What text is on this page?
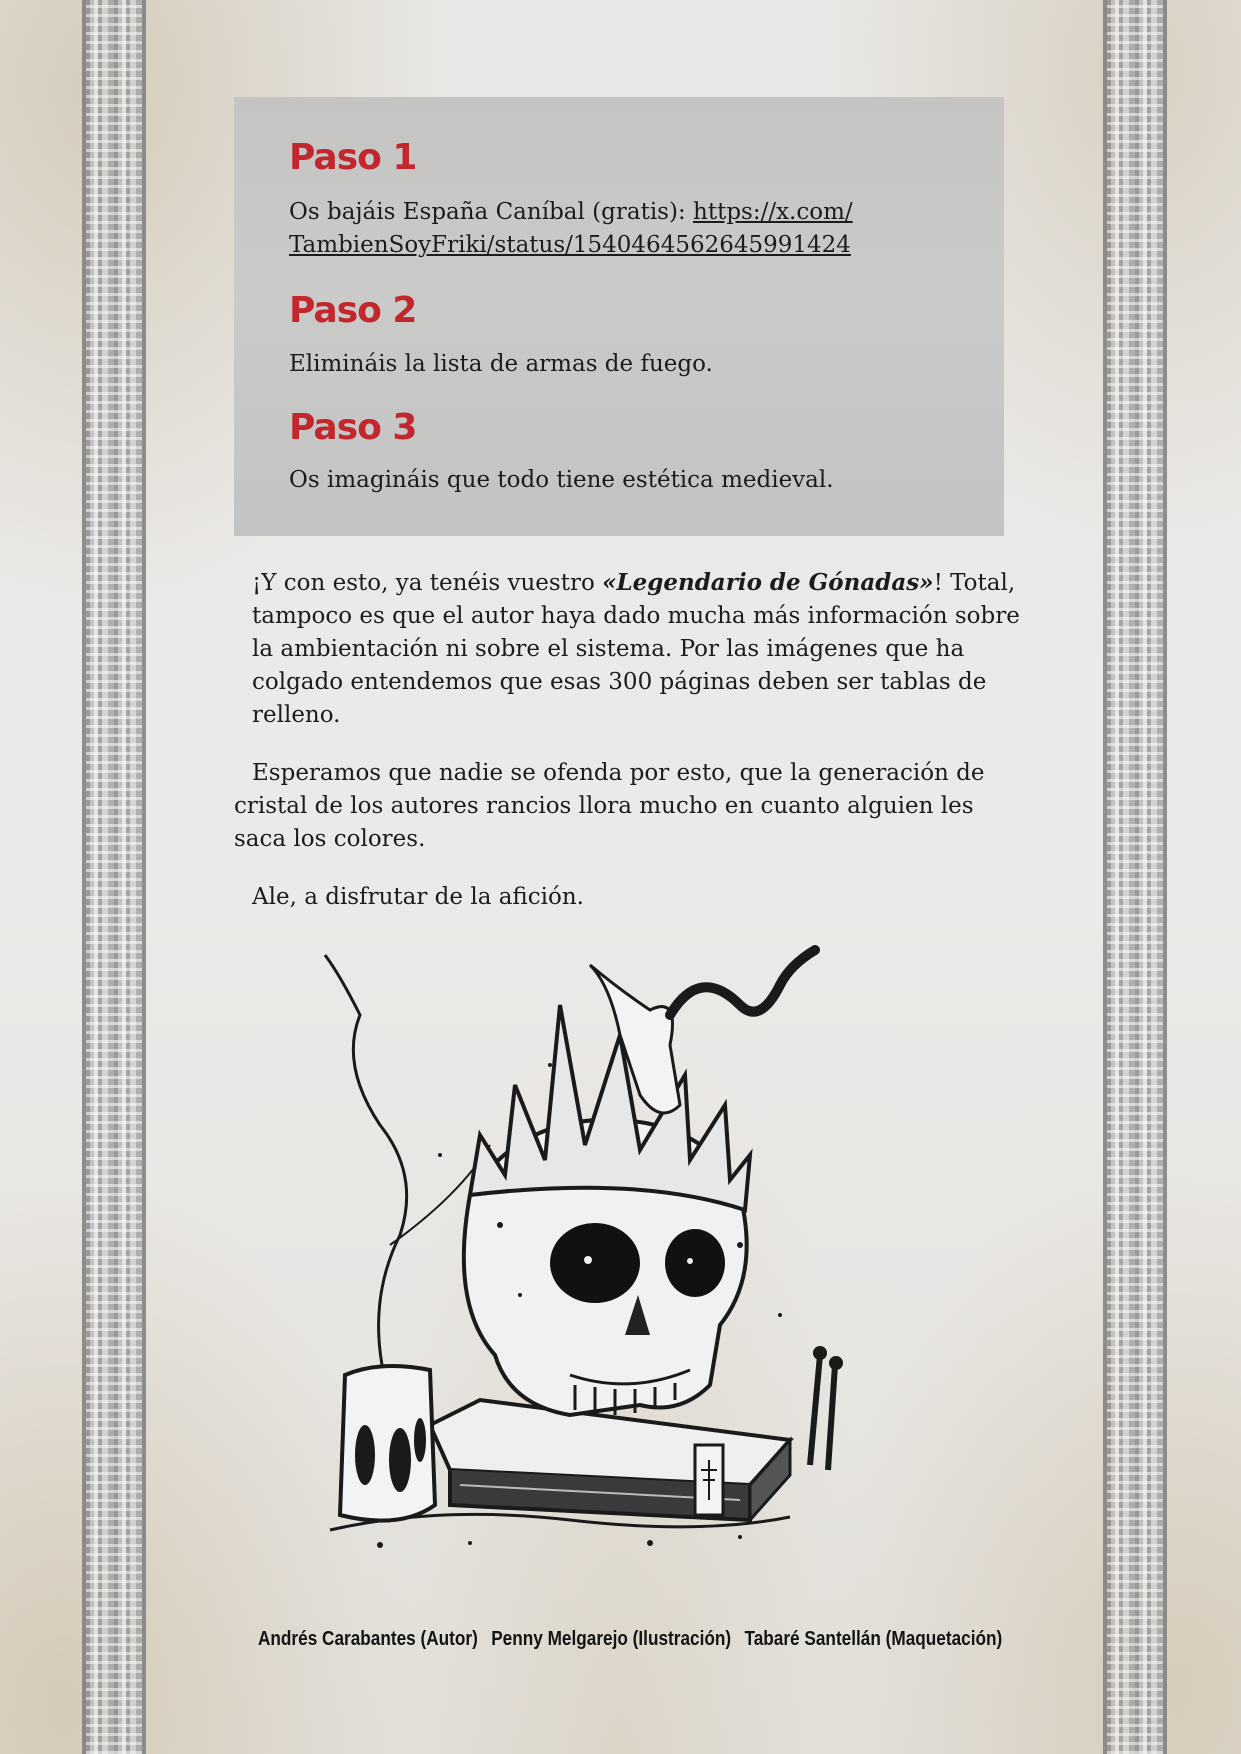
Paso 1

Os bajáis España Caníbal (gratis): https://x.com/
TambienSoyFriki/status/1540464562645991424

Paso 2

Elimináis la lista de armas de fuego.

Paso 3

Os imagináis que todo tiene estética medieval.

¡Y con esto, ya tenéis vuestro «Legendario de Gónadas»! Total, tampoco es que el autor haya dado mucha más información sobre la ambientación ni sobre el sistema. Por las imágenes que ha colgado entendemos que esas 300 páginas deben ser tablas de relleno.

Esperamos que nadie se ofenda por esto, que la generación de cristal de los autores rancios llora mucho en cuanto alguien les saca los colores.

Ale, a disfrutar de la afición.

Andrés Carabantes (Autor) Penny Melgarejo (Ilustración) Tabaré Santellán (Maquetación)
